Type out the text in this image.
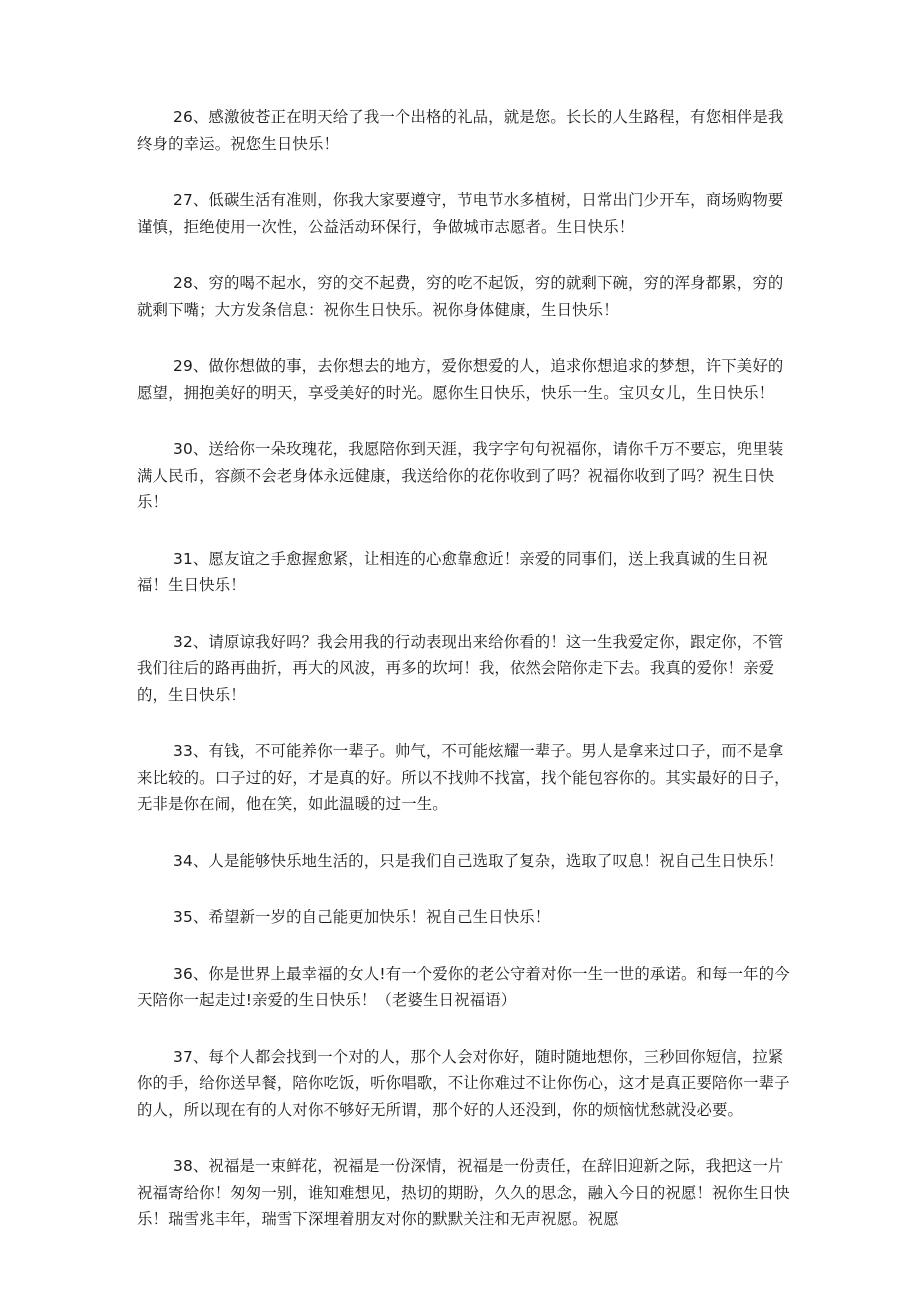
26、感激彼苍正在明天给了我一个出格的礼品，就是您。长长的人生路程，有您相伴是我终身的幸运。祝您生日快乐！

27、低碳生活有准则，你我大家要遵守，节电节水多植树，日常出门少开车，商场购物要谨慎，拒绝使用一次性，公益活动环保行，争做城市志愿者。生日快乐！

28、穷的喝不起水，穷的交不起费，穷的吃不起饭，穷的就剩下碗，穷的浑身都累，穷的就剩下嘴；大方发条信息：祝你生日快乐。祝你身体健康，生日快乐！

29、做你想做的事，去你想去的地方，爱你想爱的人，追求你想追求的梦想，许下美好的愿望，拥抱美好的明天，享受美好的时光。愿你生日快乐，快乐一生。宝贝女儿，生日快乐！

30、送给你一朵玫瑰花，我愿陪你到天涯，我字字句句祝福你，请你千万不要忘，兜里装满人民币，容颜不会老身体永远健康，我送给你的花你收到了吗？祝福你收到了吗？祝生日快乐！

31、愿友谊之手愈握愈紧，让相连的心愈靠愈近！亲爱的同事们，送上我真诚的生日祝福！生日快乐！

32、请原谅我好吗？我会用我的行动表现出来给你看的！这一生我爱定你，跟定你，不管我们往后的路再曲折，再大的风波，再多的坎坷！我，依然会陪你走下去。我真的爱你！亲爱的，生日快乐！

33、有钱，不可能养你一辈子。帅气，不可能炫耀一辈子。男人是拿来过口子，而不是拿来比较的。口子过的好，才是真的好。所以不找帅不找富，找个能包容你的。其实最好的日子，无非是你在闹，他在笑，如此温暖的过一生。

34、人是能够快乐地生活的，只是我们自己选取了复杂，选取了叹息！祝自己生日快乐！

35、希望新一岁的自己能更加快乐！祝自己生日快乐！

36、你是世界上最幸福的女人!有一个爱你的老公守着对你一生一世的承诺。和每一年的今天陪你一起走过!亲爱的生日快乐！（老婆生日祝福语）

37、每个人都会找到一个对的人，那个人会对你好，随时随地想你，三秒回你短信，拉紧你的手，给你送早餐，陪你吃饭，听你唱歌，不让你难过不让你伤心，这才是真正要陪你一辈子的人，所以现在有的人对你不够好无所谓，那个好的人还没到，你的烦恼忧愁就没必要。

38、祝福是一束鲜花，祝福是一份深情，祝福是一份责任，在辞旧迎新之际，我把这一片祝福寄给你！匆匆一别，谁知难想见，热切的期盼，久久的思念，融入今日的祝愿！祝你生日快乐！瑞雪兆丰年，瑞雪下深埋着朋友对你的默默关注和无声祝愿。祝愿
